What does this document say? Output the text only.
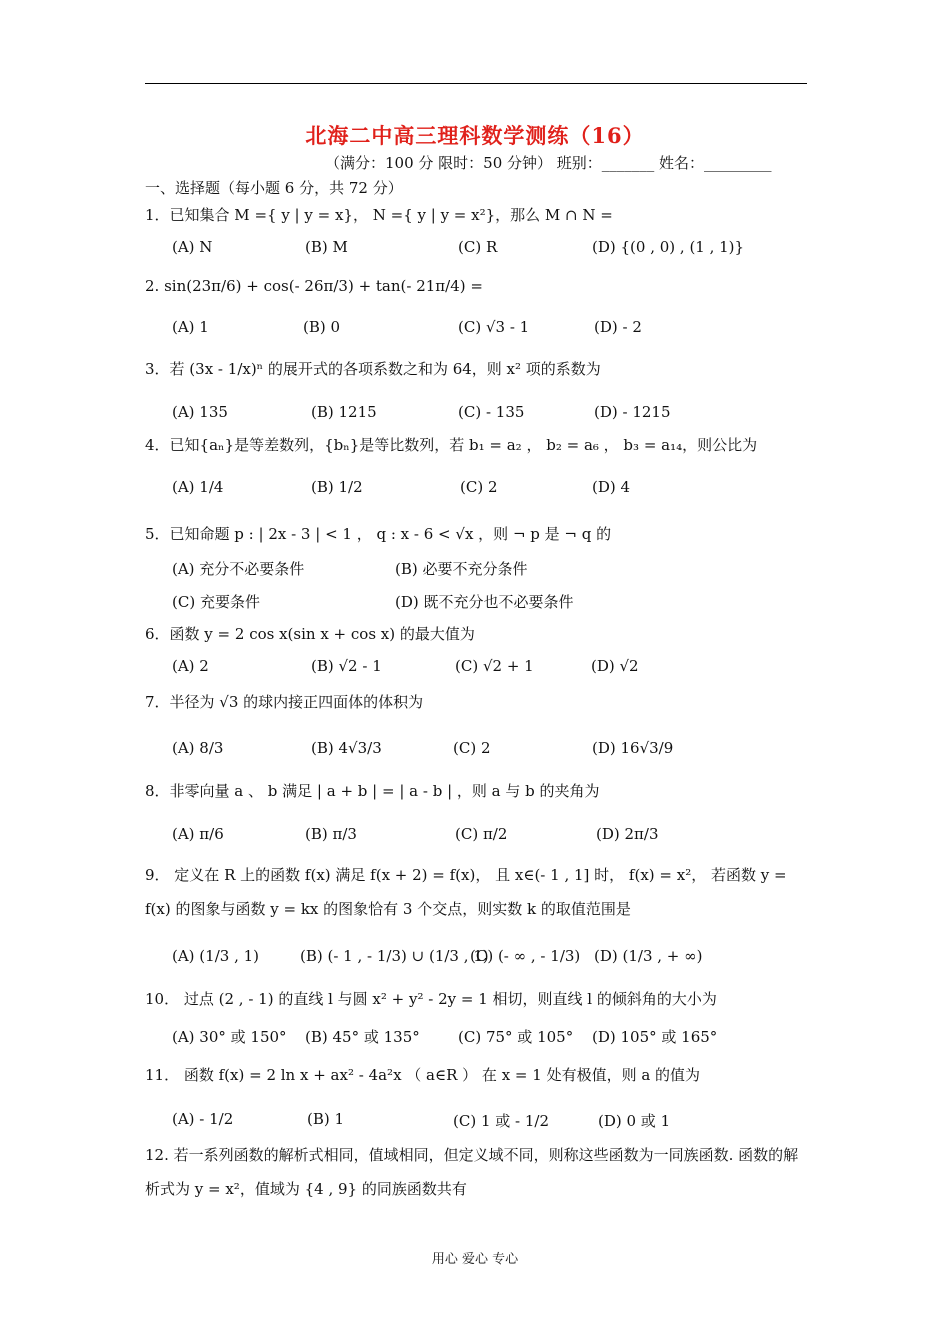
北海二中高三理科数学测练（16）
（满分：100 分 限时：50 分钟） 班别：_______ 姓名：_________
一、选择题（每小题 6 分，共 72 分）
1．已知集合 M ={ y | y = x}， N ={ y | y = x²}，那么 M ∩ N =
(A) N	(B) M	(C) R	(D) {(0 , 0) , (1 , 1)}
2. sin(23π/6) + cos(- 26π/3) + tan(- 21π/4) =
(A) 1	(B) 0	(C) √3 - 1	(D) - 2
3．若 (3x - 1/x)ⁿ 的展开式的各项系数之和为 64，则 x² 项的系数为
(A) 135	(B) 1215	(C) - 135	(D) - 1215
4．已知{aₙ}是等差数列，{bₙ}是等比数列，若 b₁ = a₂ ， b₂ = a₆ ， b₃ = a₁₄，则公比为
(A) 1/4	(B) 1/2	(C) 2	(D) 4
5．已知命题 p : | 2x - 3 | < 1 ， q : x - 6 < √x ，则 ¬ p 是 ¬ q 的
(A) 充分不必要条件	(B) 必要不充分条件
(C) 充要条件	(D) 既不充分也不必要条件
6．函数 y = 2 cos x(sin x + cos x) 的最大值为
(A) 2	(B) √2 - 1	(C) √2 + 1	(D) √2
7．半径为 √3 的球内接正四面体的体积为
(A) 8/3	(B) 4√3/3	(C) 2	(D) 16√3/9
8．非零向量 a 、 b 满足 | a + b | = | a - b | ，则 a 与 b 的夹角为
(A) π/6	(B) π/3	(C) π/2	(D) 2π/3
9． 定义在 R 上的函数 f(x) 满足 f(x + 2) = f(x)， 且 x∈(- 1 , 1] 时， f(x) = x²， 若函数 y = f(x) 的图象与函数 y = kx 的图象恰有 3 个交点，则实数 k 的取值范围是
(A) (1/3 , 1)	(B) (- 1 , - 1/3) ∪ (1/3 , 1)
(C) (- ∞ , - 1/3) (D) (1/3 , + ∞)
10． 过点 (2 , - 1) 的直线 l 与圆 x² + y² - 2y = 1 相切，则直线 l 的倾斜角的大小为
(A) 30° 或 150° (B) 45° 或 135°	(C) 75° 或 105° (D) 105° 或 165°
11． 函数 f(x) = 2 ln x + ax² - 4a²x （ a∈R ） 在 x = 1 处有极值，则 a 的值为
(A) - 1/2	(B) 1	(C) 1 或 - 1/2	(D) 0 或 1
12. 若一系列函数的解析式相同，值域相同，但定义域不同，则称这些函数为一同族函数. 函数的解析式为 y = x²，值域为 {4 , 9} 的同族函数共有
用心 爱心 专心
